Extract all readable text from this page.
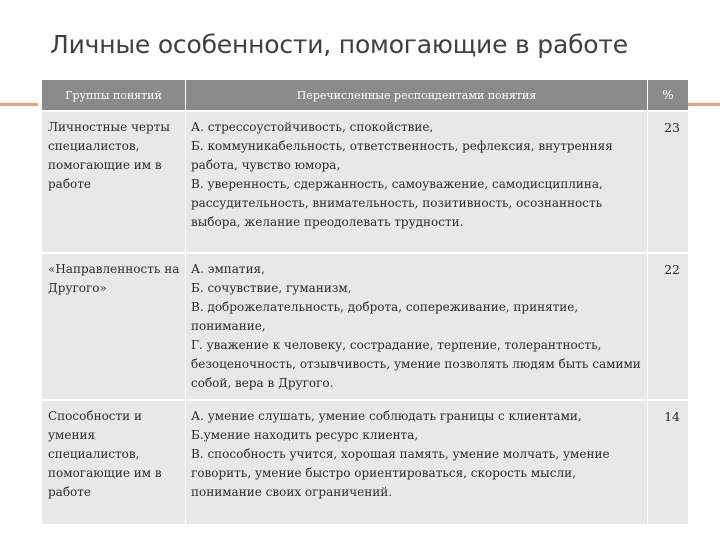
Личные особенности, помогающие в работе
Группы понятий	Перечисленные респондентами понятия	%
Личностные черты специалистов, помогающие им в работе	А. стрессоустойчивость, спокойствие,
Б. коммуникабельность, ответственность, рефлексия, внутренняя работа, чувство юмора,
В. уверенность, сдержанность, самоуважение, самодисциплина, рассудительность, внимательность, позитивность, осознанность выбора, желание преодолевать трудности.	23
«Направленность на Другого»	А. эмпатия,
Б. сочувствие, гуманизм,
В. доброжелательность, доброта, сопереживание, принятие, понимание,
Г. уважение к человеку, сострадание, терпение, толерантность, безоценочность, отзывчивость, умение позволять людям быть самими собой, вера в Другого.	22
Способности и умения специалистов, помогающие им в работе	А. умение слушать, умение соблюдать границы с клиентами,
Б.умение находить ресурс клиента,
В. способность учится, хорошая память, умение молчать, умение говорить, умение быстро ориентироваться, скорость мысли, понимание своих ограничений.	14
